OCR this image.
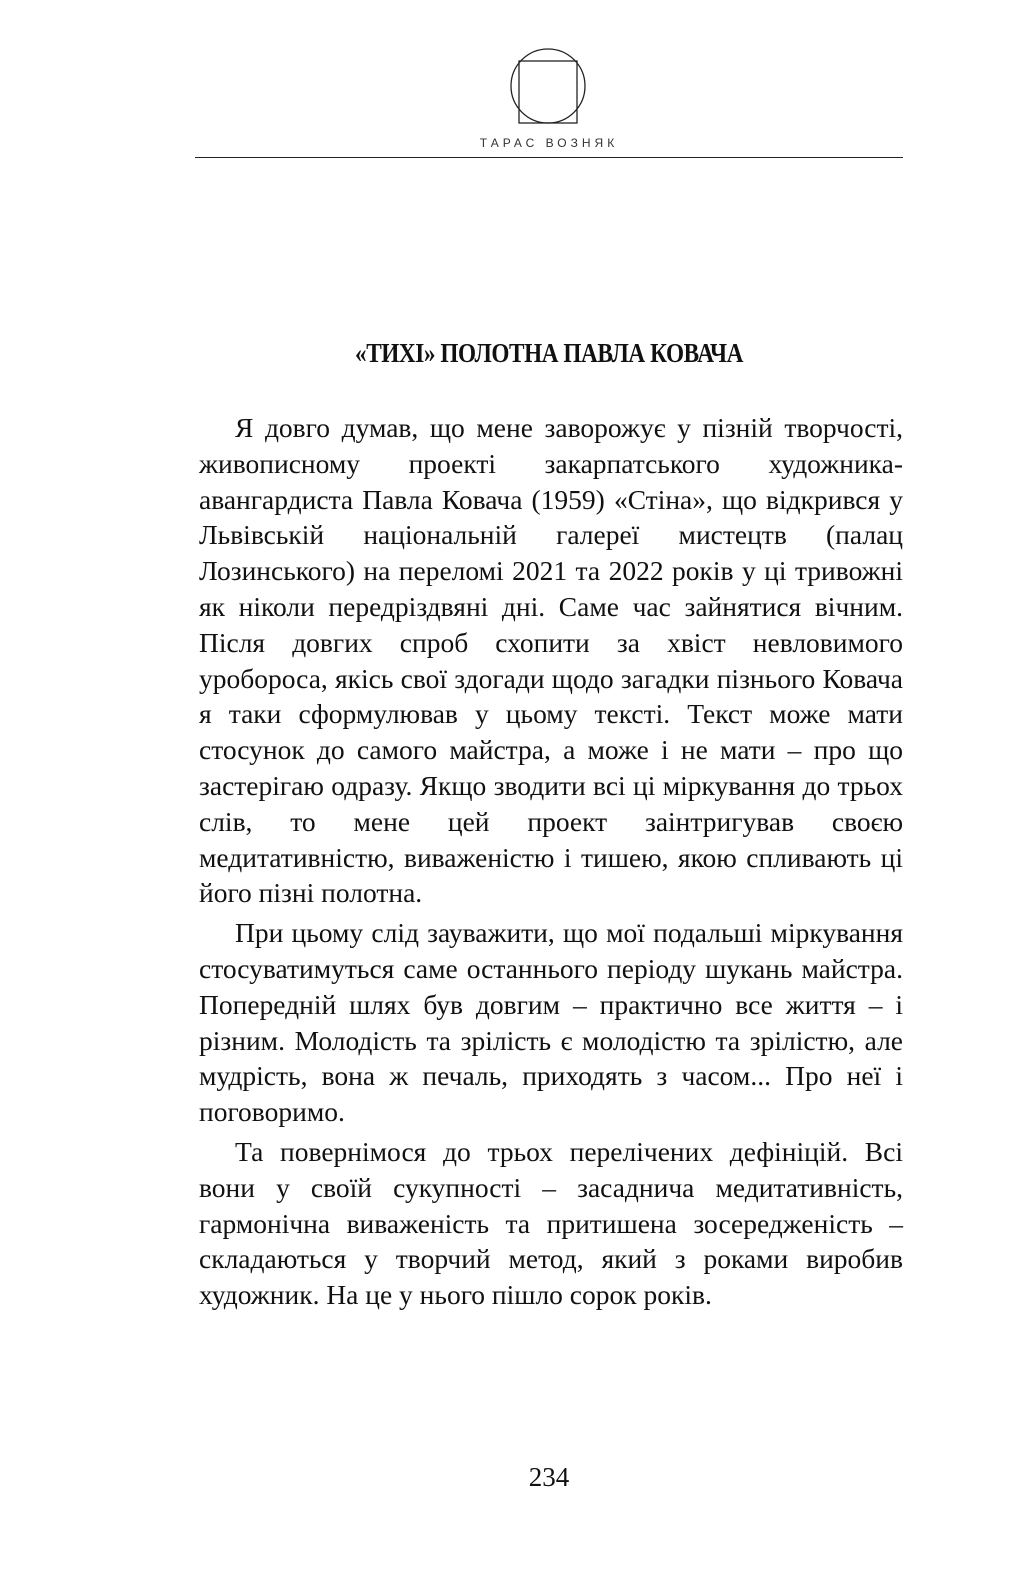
ТАРАС ВОЗНЯК
«ТИХІ» ПОЛОТНА ПАВЛА КОВАЧА

Я довго думав, що мене заворожує у пізній творчості, живописному проекті закарпатського художника-авангардиста Павла Ковача (1959) «Стіна», що відкрився у Львівській національній галереї мистецтв (палац Лозинського) на переломі 2021 та 2022 років у ці тривожні як ніколи передріздвяні дні. Саме час зайнятися вічним. Після довгих спроб схопити за хвіст невловимого уробороса, якісь свої здогади щодо загадки пізнього Ковача я таки сформулював у цьому тексті. Текст може мати стосунок до самого майстра, а може і не мати – про що застерігаю одразу. Якщо зводити всі ці міркування до трьох слів, то мене цей проект заінтригував своєю медитативністю, виваженістю і тишею, якою спливають ці його пізні полотна.

При цьому слід зауважити, що мої подальші міркування стосуватимуться саме останнього періоду шукань майстра. Попередній шлях був довгим – практично все життя – і різним. Молодість та зрілість є молодістю та зрілістю, але мудрість, вона ж печаль, приходять з часом... Про неї і поговоримо.

Та повернімося до трьох перелічених дефініцій. Всі вони у своїй сукупності – засаднича медитативність, гармонічна виваженість та притишена зосередженість – складаються у творчий метод, який з роками виробив художник. На це у нього пішло сорок років.

234
